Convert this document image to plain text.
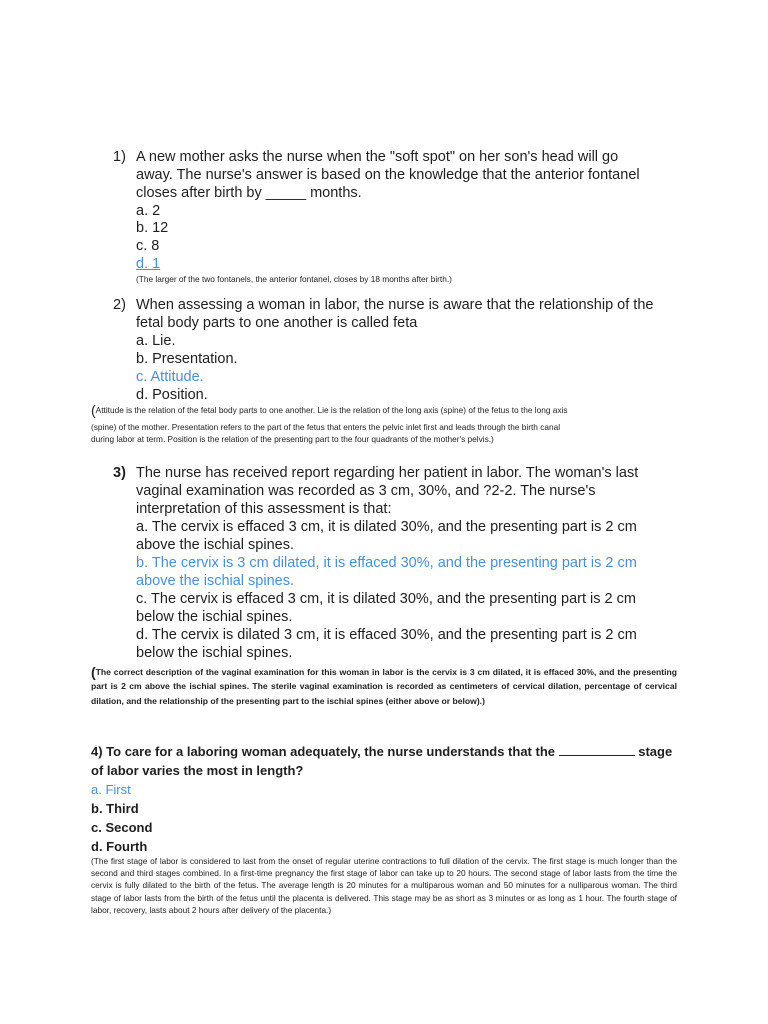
1) A new mother asks the nurse when the "soft spot" on her son's head will go
away. The nurse's answer is based on the knowledge that the anterior fontanel
closes after birth by _____ months.
a. 2
b. 12
c. 8
d. 1
(The larger of the two fontanels, the anterior fontanel, closes by 18 months after birth.)
2) When assessing a woman in labor, the nurse is aware that the relationship of the
fetal body parts to one another is called feta
a. Lie.
b. Presentation.
c. Attitude.
d. Position.
(Attitude is the relation of the fetal body parts to one another. Lie is the relation of the long axis (spine) of the fetus to the long axis
(spine) of the mother. Presentation refers to the part of the fetus that enters the pelvic inlet first and leads through the birth canal
during labor at term. Position is the relation of the presenting part to the four quadrants of the mother's pelvis.)
3) The nurse has received report regarding her patient in labor. The woman's last
vaginal examination was recorded as 3 cm, 30%, and ?2-2. The nurse's
interpretation of this assessment is that:
a. The cervix is effaced 3 cm, it is dilated 30%, and the presenting part is 2 cm
above the ischial spines.
b. The cervix is 3 cm dilated, it is effaced 30%, and the presenting part is 2 cm
above the ischial spines.
c. The cervix is effaced 3 cm, it is dilated 30%, and the presenting part is 2 cm
below the ischial spines.
d. The cervix is dilated 3 cm, it is effaced 30%, and the presenting part is 2 cm
below the ischial spines.
(The correct description of the vaginal examination for this woman in labor is the cervix is 3 cm dilated, it is effaced 30%, and the presenting part is 2 cm above the ischial spines. The sterile vaginal examination is recorded as centimeters of cervical dilation, percentage of cervical dilation, and the relationship of the presenting part to the ischial spines (either above or below).)
4) To care for a laboring woman adequately, the nurse understands that the	stage
of labor varies the most in length?
a. First
b. Third
c. Second
d. Fourth
(The first stage of labor is considered to last from the onset of regular uterine contractions to full dilation of the cervix. The first stage is much longer than the second and third stages combined. In a first-time pregnancy the first stage of labor can take up to 20 hours. The second stage of labor lasts from the time the cervix is fully dilated to the birth of the fetus. The average length is 20 minutes for a multiparous woman and 50 minutes for a nulliparous woman. The third stage of labor lasts from the birth of the fetus until the placenta is delivered. This stage may be as short as 3 minutes or as long as 1 hour. The fourth stage of labor, recovery, lasts about 2 hours after delivery of the placenta.)
